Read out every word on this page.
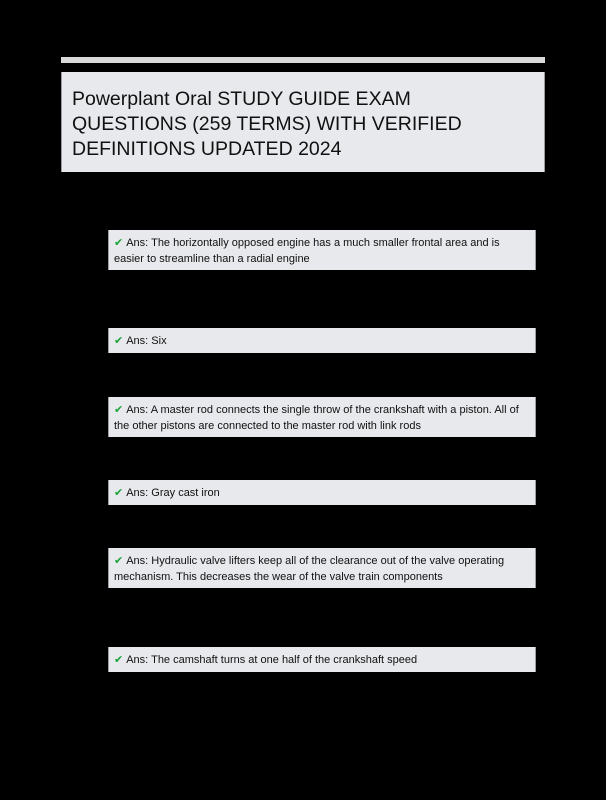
Powerplant Oral STUDY GUIDE EXAM
QUESTIONS (259 TERMS) WITH VERIFIED
DEFINITIONS UPDATED 2024
✔ Ans: The horizontally opposed engine has a much smaller frontal area and is easier to streamline than a radial engine
✔ Ans: Six
✔ Ans: A master rod connects the single throw of the crankshaft with a piston. All of the other pistons are connected to the master rod with link rods
✔ Ans: Gray cast iron
✔ Ans: Hydraulic valve lifters keep all of the clearance out of the valve operating mechanism. This decreases the wear of the valve train components
✔ Ans: The camshaft turns at one half of the crankshaft speed
